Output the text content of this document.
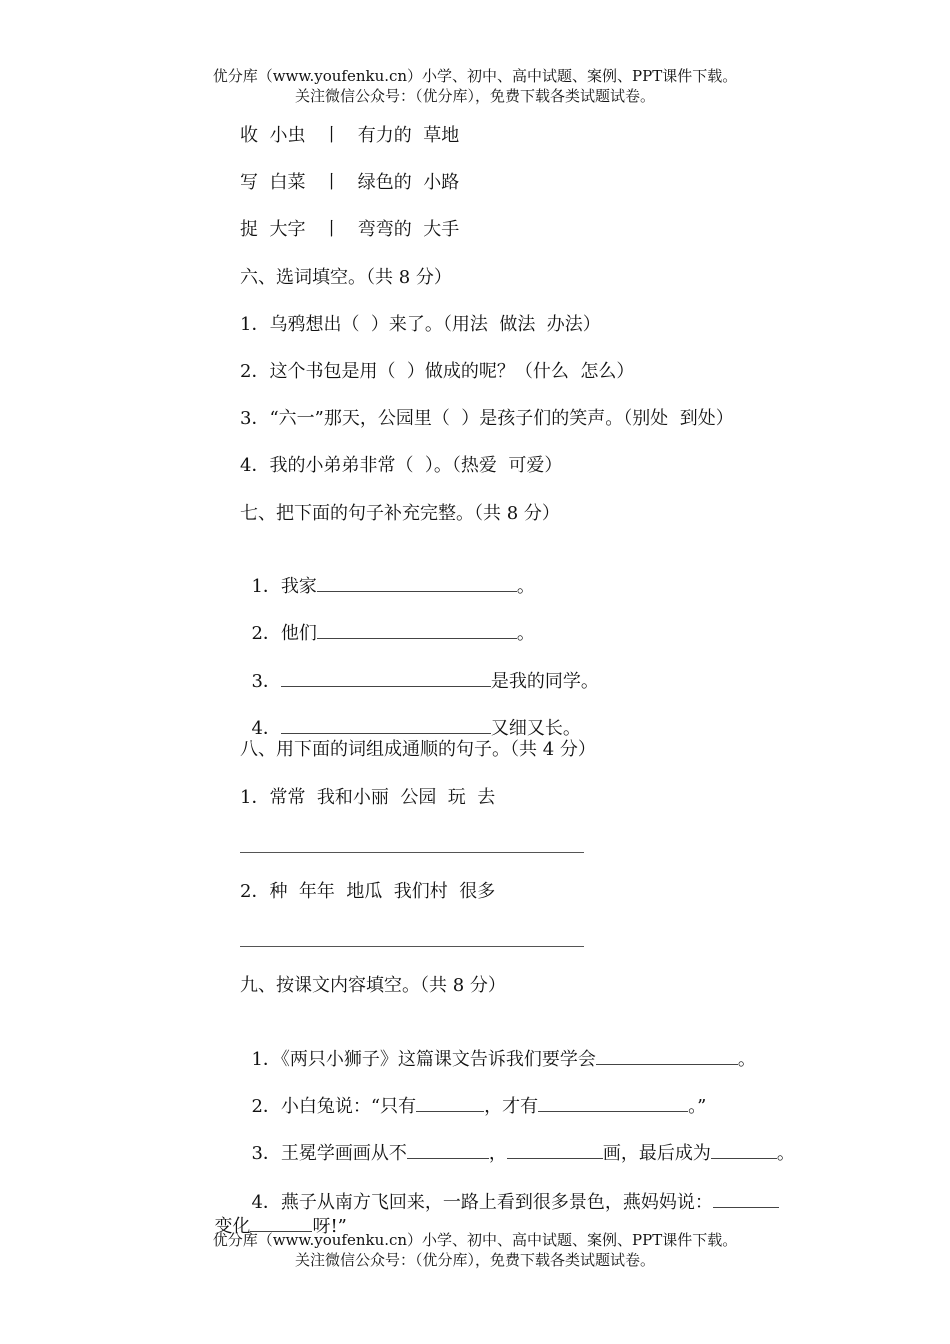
优分库（www.youfenku.cn）小学、初中、高中试题、案例、PPT课件下载。
关注微信公众号：（优分库），免费下载各类试题试卷。
收  小虫   丨   有力的  草地
写  白菜   丨   绿色的  小路
捉  大字   丨   弯弯的  大手
六、选词填空。（共 8 分）
1．乌鸦想出（  ）来了。（用法  做法  办法）
2．这个书包是用（  ）做成的呢？（什么  怎么）
3．“六一”那天，公园里（  ）是孩子们的笑声。（别处  到处）
4．我的小弟弟非常（  ）。（热爱  可爱）
七、把下面的句子补充完整。（共 8 分）

1．我家	。

2．他们	。

3．	是我的同学。

4．	又细又长。

八、用下面的词组成通顺的句子。（共 4 分）
1．常常  我和小丽  公园  玩  去
2．种  年年  地瓜  我们村  很多
九、按课文内容填空。（共 8 分）

1．《两只小狮子》这篇课文告诉我们要学会	。

2．小白兔说：“只有	，才有	。”

3．王冕学画画从不	，	画，最后成为	。

4．燕子从南方飞回来，一路上看到很多景色，燕妈妈说：

变化	呀!”

优分库（www.youfenku.cn）小学、初中、高中试题、案例、PPT课件下载。
关注微信公众号：（优分库），免费下载各类试题试卷。
